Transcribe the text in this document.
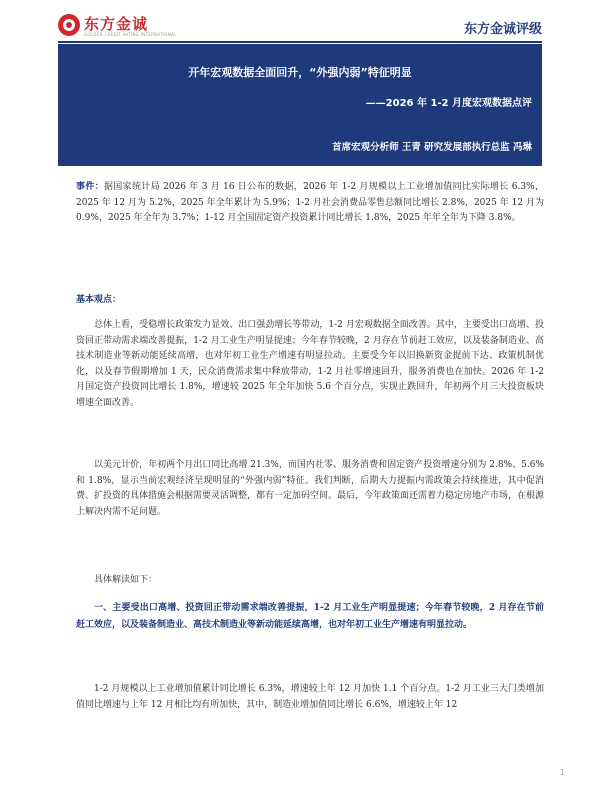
东方金诚
GOLDEN CREDIT RATING INTERNATIONAL	东方金诚评级
开年宏观数据全面回升，“外强内弱”特征明显
——2026 年 1-2 月度宏观数据点评
首席宏观分析师 王青 研究发展部执行总监 冯琳
事件：据国家统计局 2026 年 3 月 16 日公布的数据，2026 年 1-2 月规模以上工业增加值同比实际增长 6.3%，2025 年 12 月为 5.2%，2025 年全年累计为 5.9%；1-2 月社会消费品零售总额同比增长 2.8%，2025 年 12 月为 0.9%，2025 年全年为 3.7%；1-12 月全国固定资产投资累计同比增长 1.8%，2025 年年全年为下降 3.8%。
基本观点：
总体上看，受稳增长政策发力显效、出口强劲增长等带动，1-2 月宏观数据全面改善。其中，主要受出口高增、投资回正带动需求端改善提振，1-2 月工业生产明显提速；今年春节较晚，2 月存在节前赶工效应，以及装备制造业、高技术制造业等新动能延续高增，也对年初工业生产增速有明显拉动。主要受今年以旧换新资金提前下达、政策机制优化，以及春节假期增加 1 天，民众消费需求集中释放带动，1-2 月社零增速回升，服务消费也在加快。2026 年 1-2 月国定资产投资同比增长 1.8%，增速较 2025 年全年加快 5.6 个百分点，实现止跌回升，年初两个月三大投资板块增速全面改善。
以美元计价，年初两个月出口同比高增 21.3%，而国内社零、服务消费和固定资产投资增速分别为 2.8%、5.6%和 1.8%，显示当前宏观经济呈现明显的“外强内弱”特征。我们判断，后期大力提振内需政策会持续推进，其中促消费、扩投资的具体措施会根据需要灵活调整，都有一定加码空间。最后，今年政策面还需着力稳定房地产市场，在根源上解决内需不足问题。
具体解读如下：
一、主要受出口高增、投资回正带动需求端改善提振，1-2 月工业生产明显提速；今年春节较晚，2 月存在节前赶工效应，以及装备制造业、高技术制造业等新动能延续高增，也对年初工业生产增速有明显拉动。
1-2 月规模以上工业增加值累计同比增长 6.3%，增速较上年 12 月加快 1.1 个百分点。1-2 月工业三大门类增加值同比增速与上年 12 月相比均有所加快，其中，制造业增加值同比增长 6.6%，增速较上年 12
1
